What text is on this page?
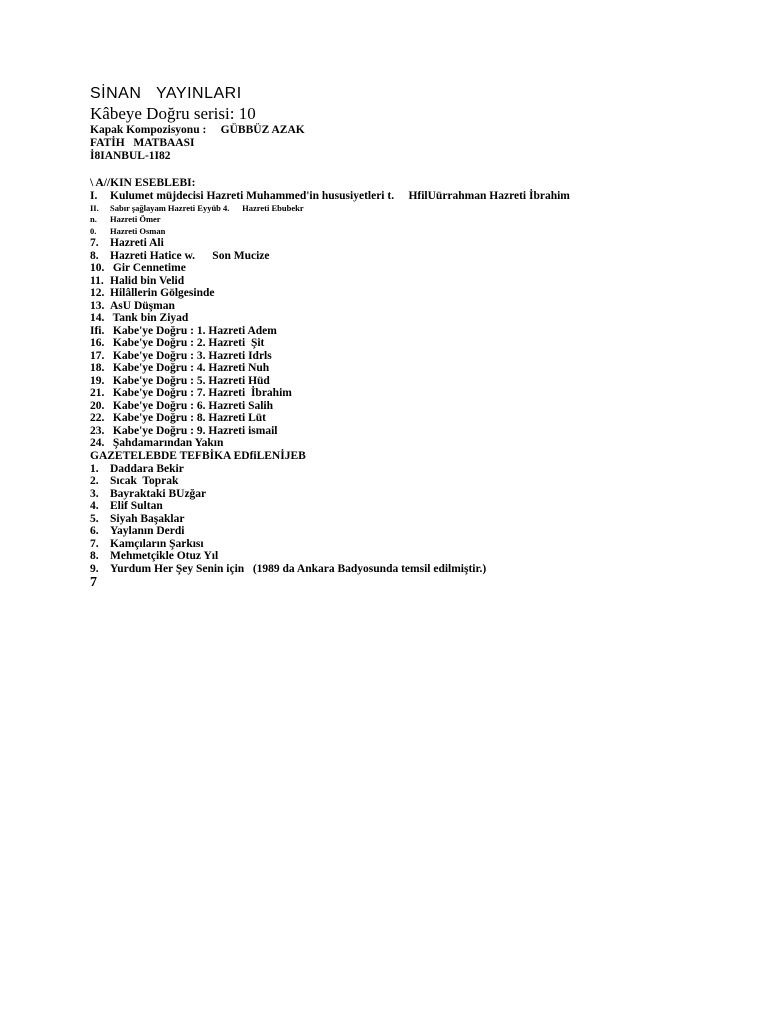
SİNAN   YAYINLARI
Kâbeye Doğru serisi: 10
Kapak Kompozisyonu :     GÜBBÜZ AZAK
FATİH   MATBAASI
İ8IANBUL-1I82
\ A//KIN ESEBLEBI:
I. Kulumet müjdecisi Hazreti Muhammed'in hususiyetleri t.     HfilUürrahman Hazreti İbrahim
II. Sabır şağlayam Hazreti Eyyüb 4.      Hazreti Ebubekr
n. Hazreti Ömer
0. Hazreti Osman
7. Hazreti Ali
8. Hazreti Hatice w.      Son Mucize
10. Gir Cennetime
11. Halid bin Velid
12. Hilâllerin Gölgesinde
13. AsU Düşman
14. Tank bin Ziyad
Ifi. Kabe'ye Doğru : 1. Hazreti Adem
16. Kabe'ye Doğru : 2. Hazreti  Şit
17. Kabe'ye Doğru : 3. Hazreti Idrls
18. Kabe'ye Doğru : 4. Hazreti Nuh
19. Kabe'ye Doğru : 5. Hazreti Hüd
21. Kabe'ye Doğru : 7. Hazreti  İbrahim
20. Kabe'ye Doğru : 6. Hazreti Salih
22. Kabe'ye Doğru : 8. Hazreti Lüt
23. Kabe'ye Doğru : 9. Hazreti ismail
24. Şahdamarından Yakın
GAZETELEBDE TEFBİKA EDfiLENİJEB
1. Daddara Bekir
2. Sıcak  Toprak
3. Bayraktaki BUzğar
4. Elif Sultan
5. Siyah Başaklar
6. Yaylanın Derdi
7. Kamçıların Şarkısı
8. Mehmetçikle Otuz Yıl
9. Yurdum Her Şey Senin için   (1989 da Ankara Badyosunda temsil edilmiştir.)
7
